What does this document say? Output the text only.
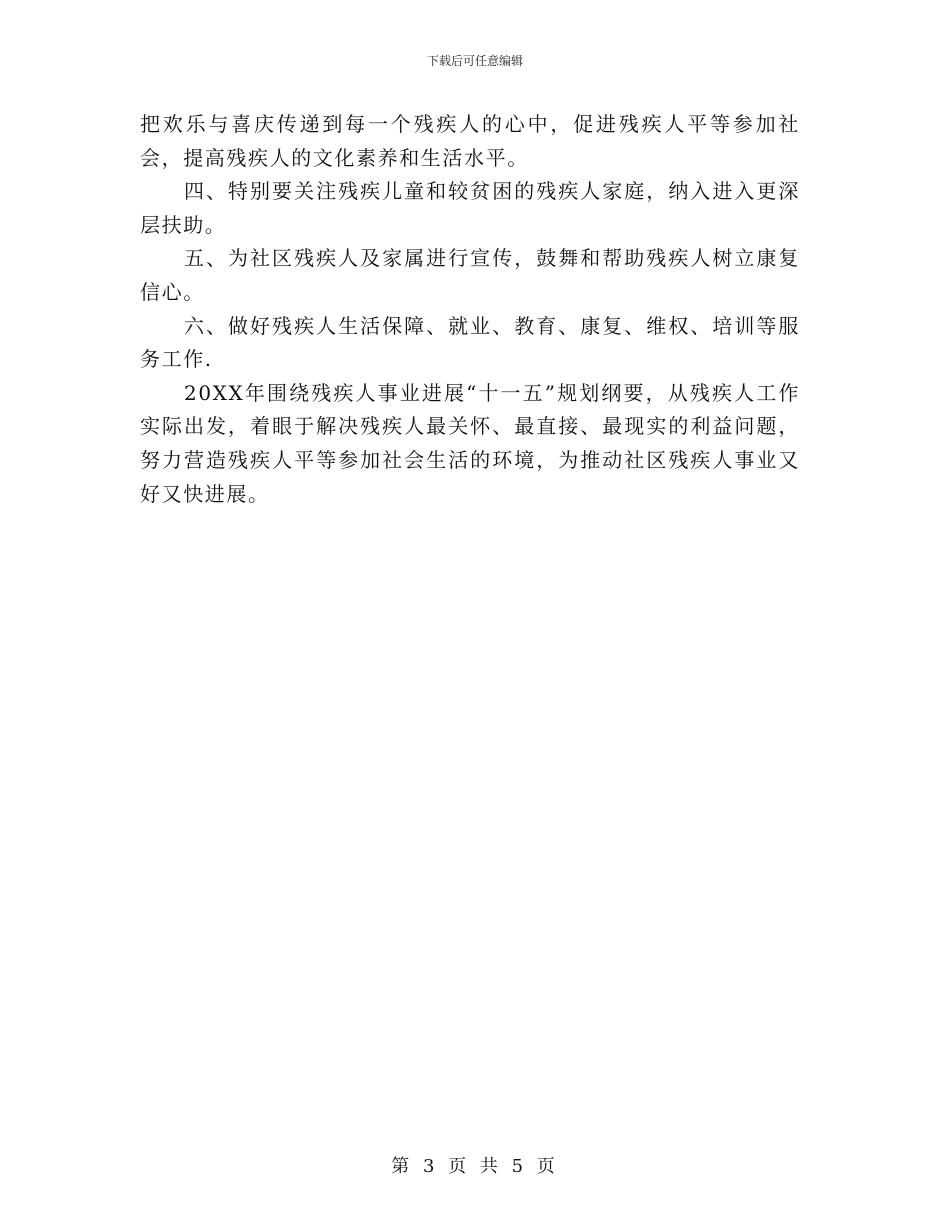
下载后可任意编辑

把欢乐与喜庆传递到每一个残疾人的心中，促进残疾人平等参加社会，提高残疾人的文化素养和生活水平。

四、特别要关注残疾儿童和较贫困的残疾人家庭，纳入进入更深层扶助。

五、为社区残疾人及家属进行宣传，鼓舞和帮助残疾人树立康复信心。

六、做好残疾人生活保障、就业、教育、康复、维权、培训等服务工作.

20XX年围绕残疾人事业进展“十一五”规划纲要，从残疾人工作实际出发，着眼于解决残疾人最关怀、最直接、最现实的利益问题，努力营造残疾人平等参加社会生活的环境，为推动社区残疾人事业又好又快进展。

第 3 页 共 5 页
